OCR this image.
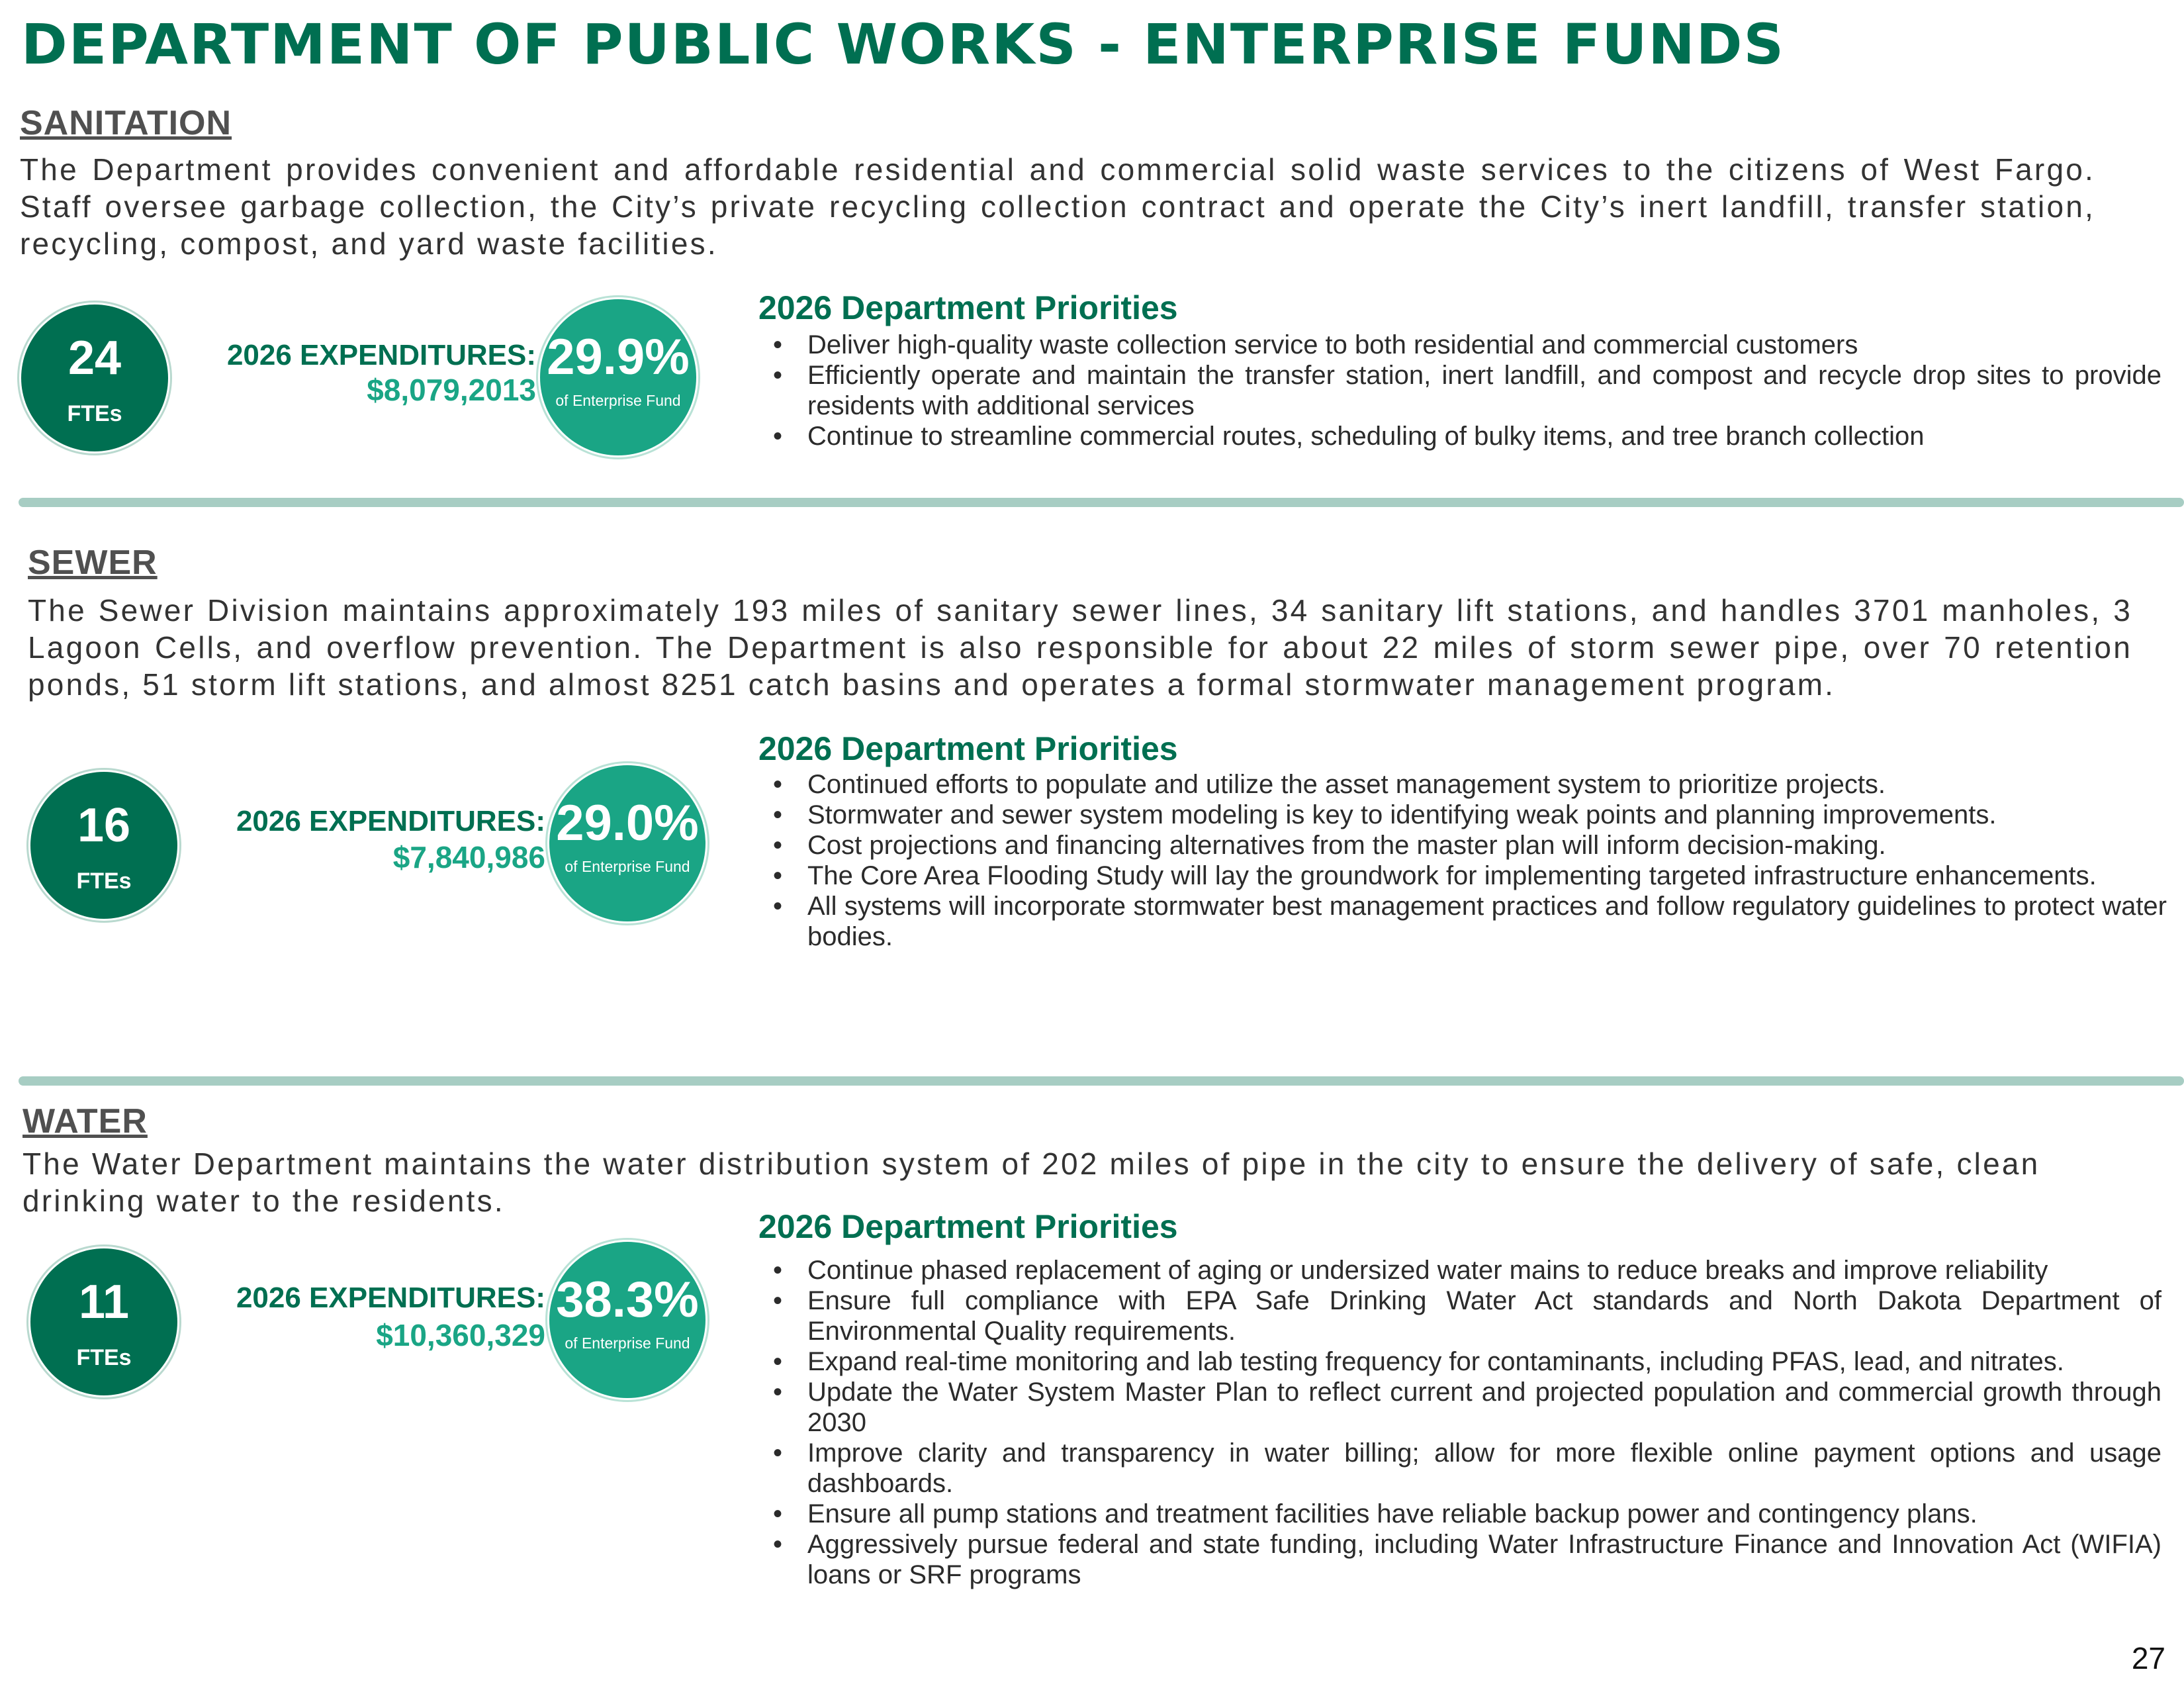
DEPARTMENT OF PUBLIC WORKS - ENTERPRISE FUNDS
SANITATION

The Department provides convenient and affordable residential and commercial solid waste services to the citizens of West Fargo. Staff oversee garbage collection, the City’s private recycling collection contract and operate the City’s inert landfill, transfer station, recycling, compost, and yard waste facilities.

24
FTEs
2026 EXPENDITURES:
$8,079,2013
29.9%
of Enterprise Fund
2026 Department Priorities
• Deliver high-quality waste collection service to both residential and commercial customers
• Efficiently operate and maintain the transfer station, inert landfill, and compost and recycle drop sites to provide residents with additional services
• Continue to streamline commercial routes, scheduling of bulky items, and tree branch collection
SEWER

The Sewer Division maintains approximately 193 miles of sanitary sewer lines, 34 sanitary lift stations, and handles 3701 manholes, 3 Lagoon Cells, and overflow prevention. The Department is also responsible for about 22 miles of storm sewer pipe, over 70 retention ponds, 51 storm lift stations, and almost 8251 catch basins and operates a formal stormwater management program.

16
FTEs
2026 EXPENDITURES:
$7,840,986
29.0%
of Enterprise Fund
2026 Department Priorities
• Continued efforts to populate and utilize the asset management system to prioritize projects.
• Stormwater and sewer system modeling is key to identifying weak points and planning improvements.
• Cost projections and financing alternatives from the master plan will inform decision-making.
• The Core Area Flooding Study will lay the groundwork for implementing targeted infrastructure enhancements.
• All systems will incorporate stormwater best management practices and follow regulatory guidelines to protect water bodies.
WATER

The Water Department maintains the water distribution system of 202 miles of pipe in the city to ensure the delivery of safe, clean drinking water to the residents.

11
FTEs
2026 EXPENDITURES:
$10,360,329
38.3%
of Enterprise Fund
2026 Department Priorities
• Continue phased replacement of aging or undersized water mains to reduce breaks and improve reliability
• Ensure full compliance with EPA Safe Drinking Water Act standards and North Dakota Department of Environmental Quality requirements.
• Expand real-time monitoring and lab testing frequency for contaminants, including PFAS, lead, and nitrates.
• Update the Water System Master Plan to reflect current and projected population and commercial growth through 2030
• Improve clarity and transparency in water billing; allow for more flexible online payment options and usage dashboards.
• Ensure all pump stations and treatment facilities have reliable backup power and contingency plans.
• Aggressively pursue federal and state funding, including Water Infrastructure Finance and Innovation Act (WIFIA) loans or SRF programs
27
